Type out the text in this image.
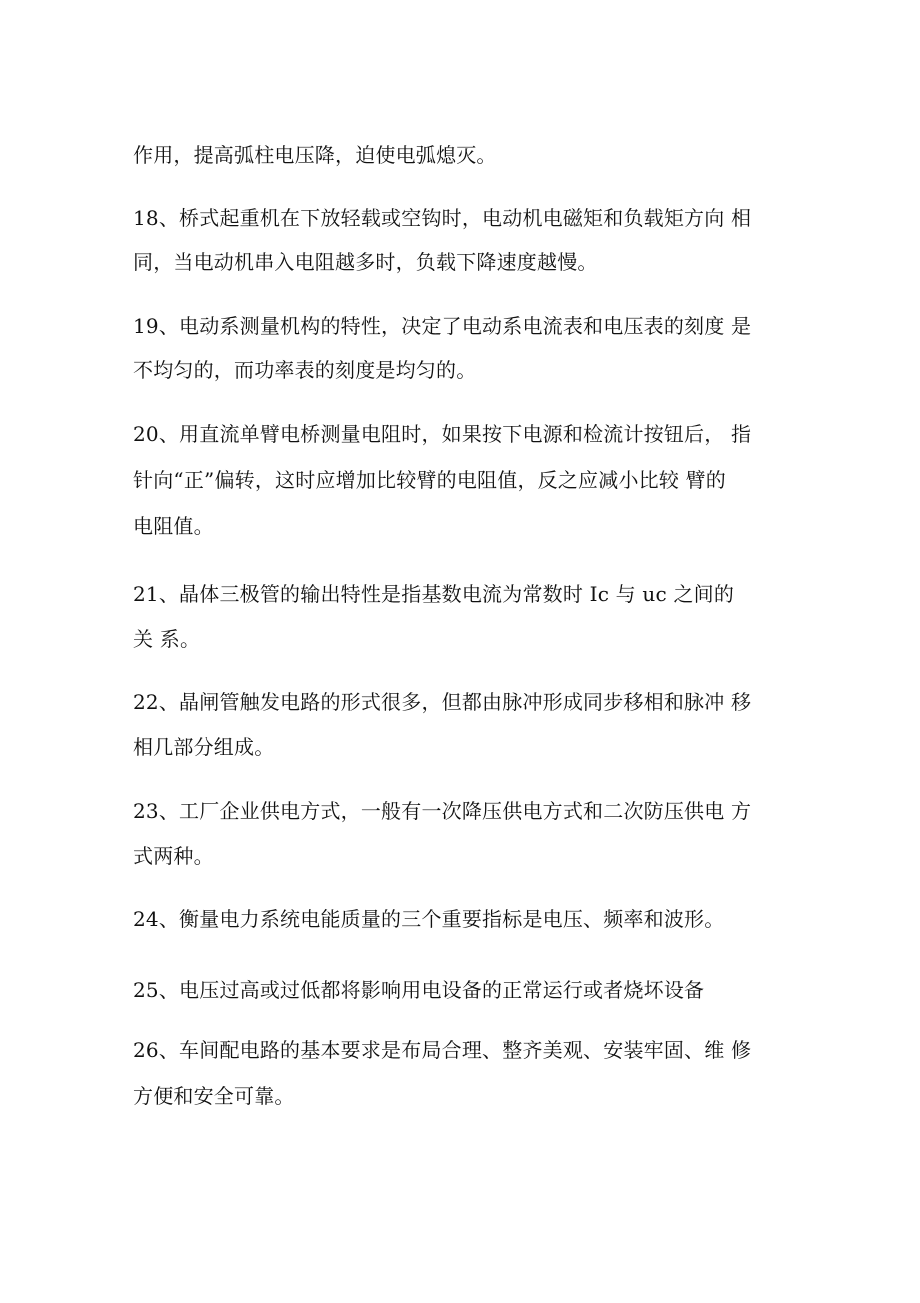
作用，提高弧柱电压降，迫使电弧熄灭。
18、桥式起重机在下放轻载或空钩时，电动机电磁矩和负载矩方向 相
同，当电动机串入电阻越多时，负载下降速度越慢。
19、电动系测量机构的特性，决定了电动系电流表和电压表的刻度 是
不均匀的，而功率表的刻度是均匀的。
20、用直流单臂电桥测量电阻时，如果按下电源和检流计按钮后， 指
针向“正”偏转，这时应增加比较臂的电阻值，反之应减小比较 臂的
电阻值。
21、晶体三极管的输出特性是指基数电流为常数时 Ic 与 uc 之间的
关 系。
22、晶闸管触发电路的形式很多，但都由脉冲形成同步移相和脉冲 移
相几部分组成。
23、工厂企业供电方式，一般有一次降压供电方式和二次防压供电 方
式两种。
24、衡量电力系统电能质量的三个重要指标是电压、频率和波形。
25、电压过高或过低都将影响用电设备的正常运行或者烧坏设备
26、车间配电路的基本要求是布局合理、整齐美观、安装牢固、维 修
方便和安全可靠。
